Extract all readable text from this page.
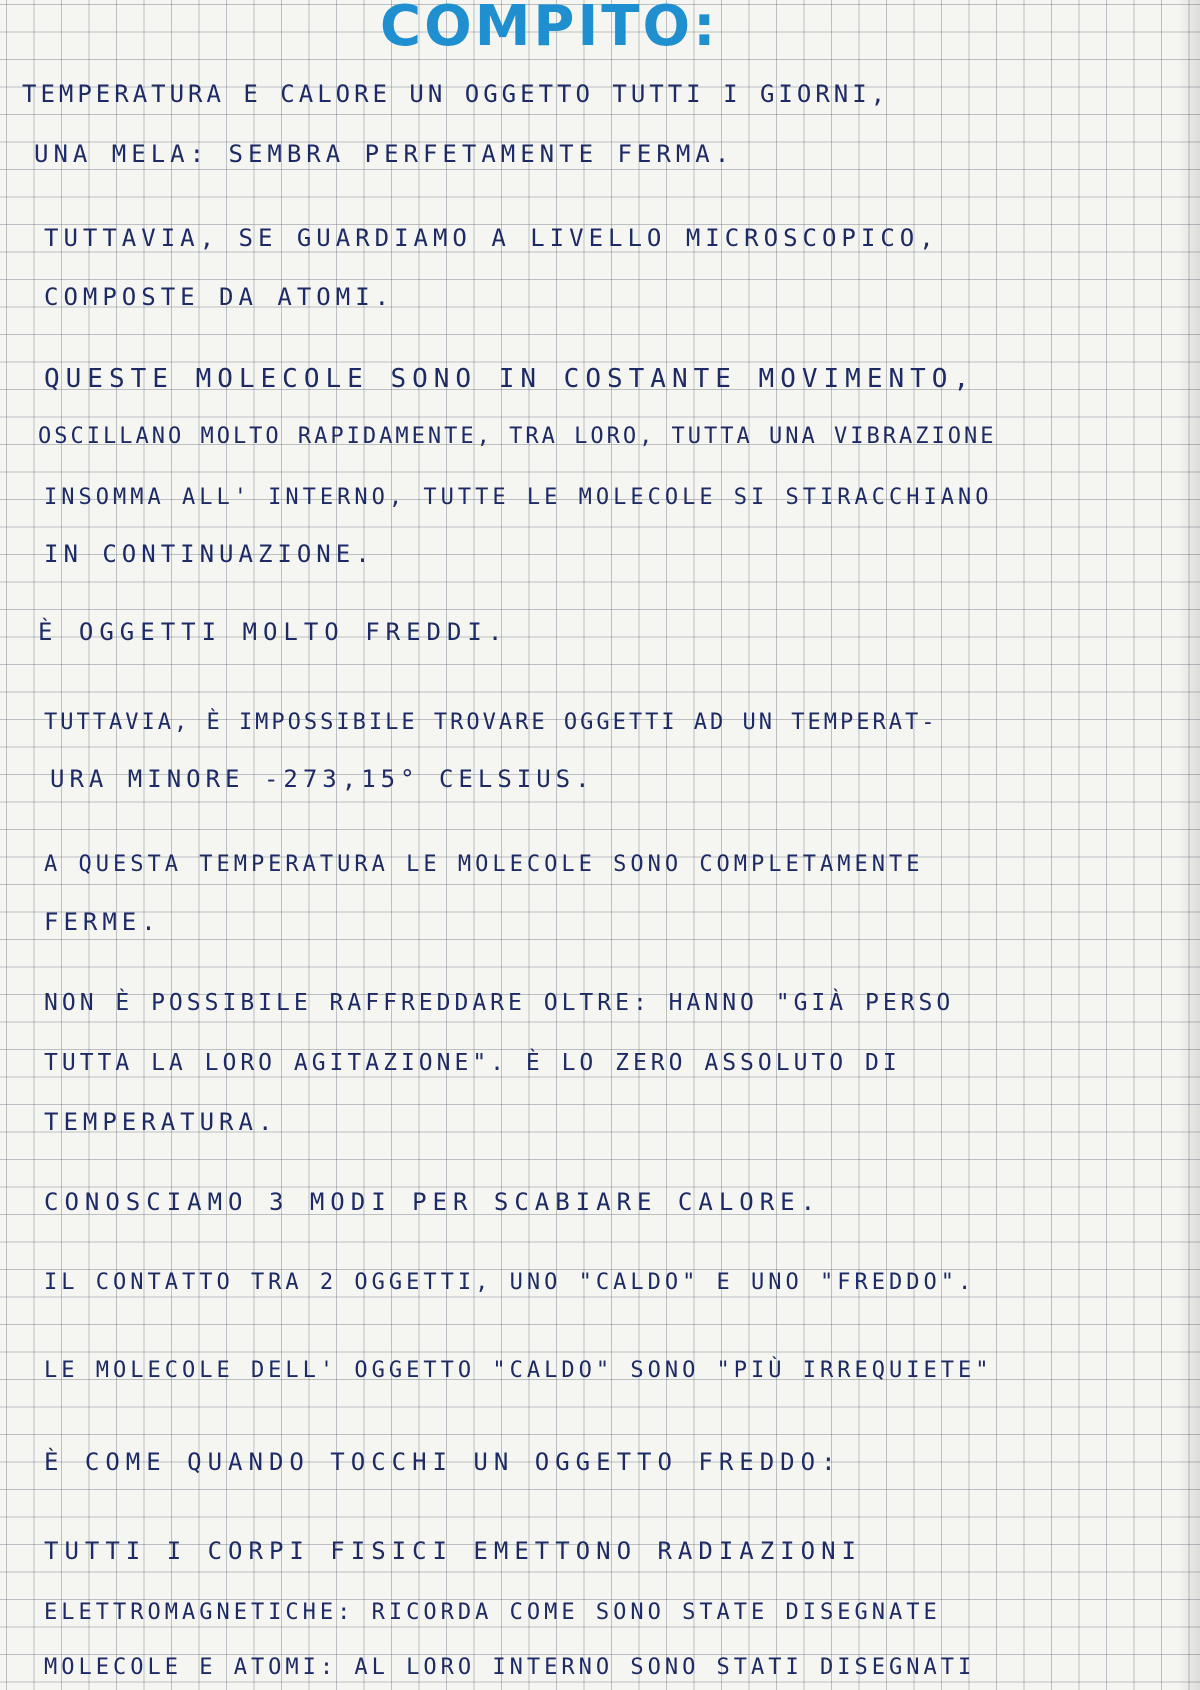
COMPITO:

TEMPERATURA E CALORE UN OGGETTO TUTTI I GIORNI,

UNA MELA: SEMBRA PERFETAMENTE FERMA.

TUTTAVIA, SE GUARDIAMO A LIVELLO MICROSCOPICO,

COMPOSTE DA ATOMI.

QUESTE MOLECOLE SONO IN COSTANTE MOVIMENTO,

OSCILLANO MOLTO RAPIDAMENTE, TRA LORO, TUTTA UNA VIBRAZIONE

INSOMMA ALL' INTERNO, TUTTE LE MOLECOLE SI STIRACCHIANO

IN CONTINUAZIONE.

È OGGETTI MOLTO FREDDI.

TUTTAVIA, È IMPOSSIBILE TROVARE OGGETTI AD UN TEMPERAT-

URA MINORE -273,15° CELSIUS.

A QUESTA TEMPERATURA LE MOLECOLE SONO COMPLETAMENTE

FERME.

NON È POSSIBILE RAFFREDDARE OLTRE: HANNO "GIÀ PERSO

TUTTA LA LORO AGITAZIONE". È LO ZERO ASSOLUTO DI

TEMPERATURA.

CONOSCIAMO 3 MODI PER SCABIARE CALORE.

IL CONTATTO TRA 2 OGGETTI, UNO "CALDO" E UNO "FREDDO".

LE MOLECOLE DELL' OGGETTO "CALDO" SONO "PIÙ IRREQUIETE"

È COME QUANDO TOCCHI UN OGGETTO FREDDO:

TUTTI I CORPI FISICI EMETTONO RADIAZIONI

ELETTROMAGNETICHE: RICORDA COME SONO STATE DISEGNATE

MOLECOLE E ATOMI: AL LORO INTERNO SONO STATI DISEGNATI
